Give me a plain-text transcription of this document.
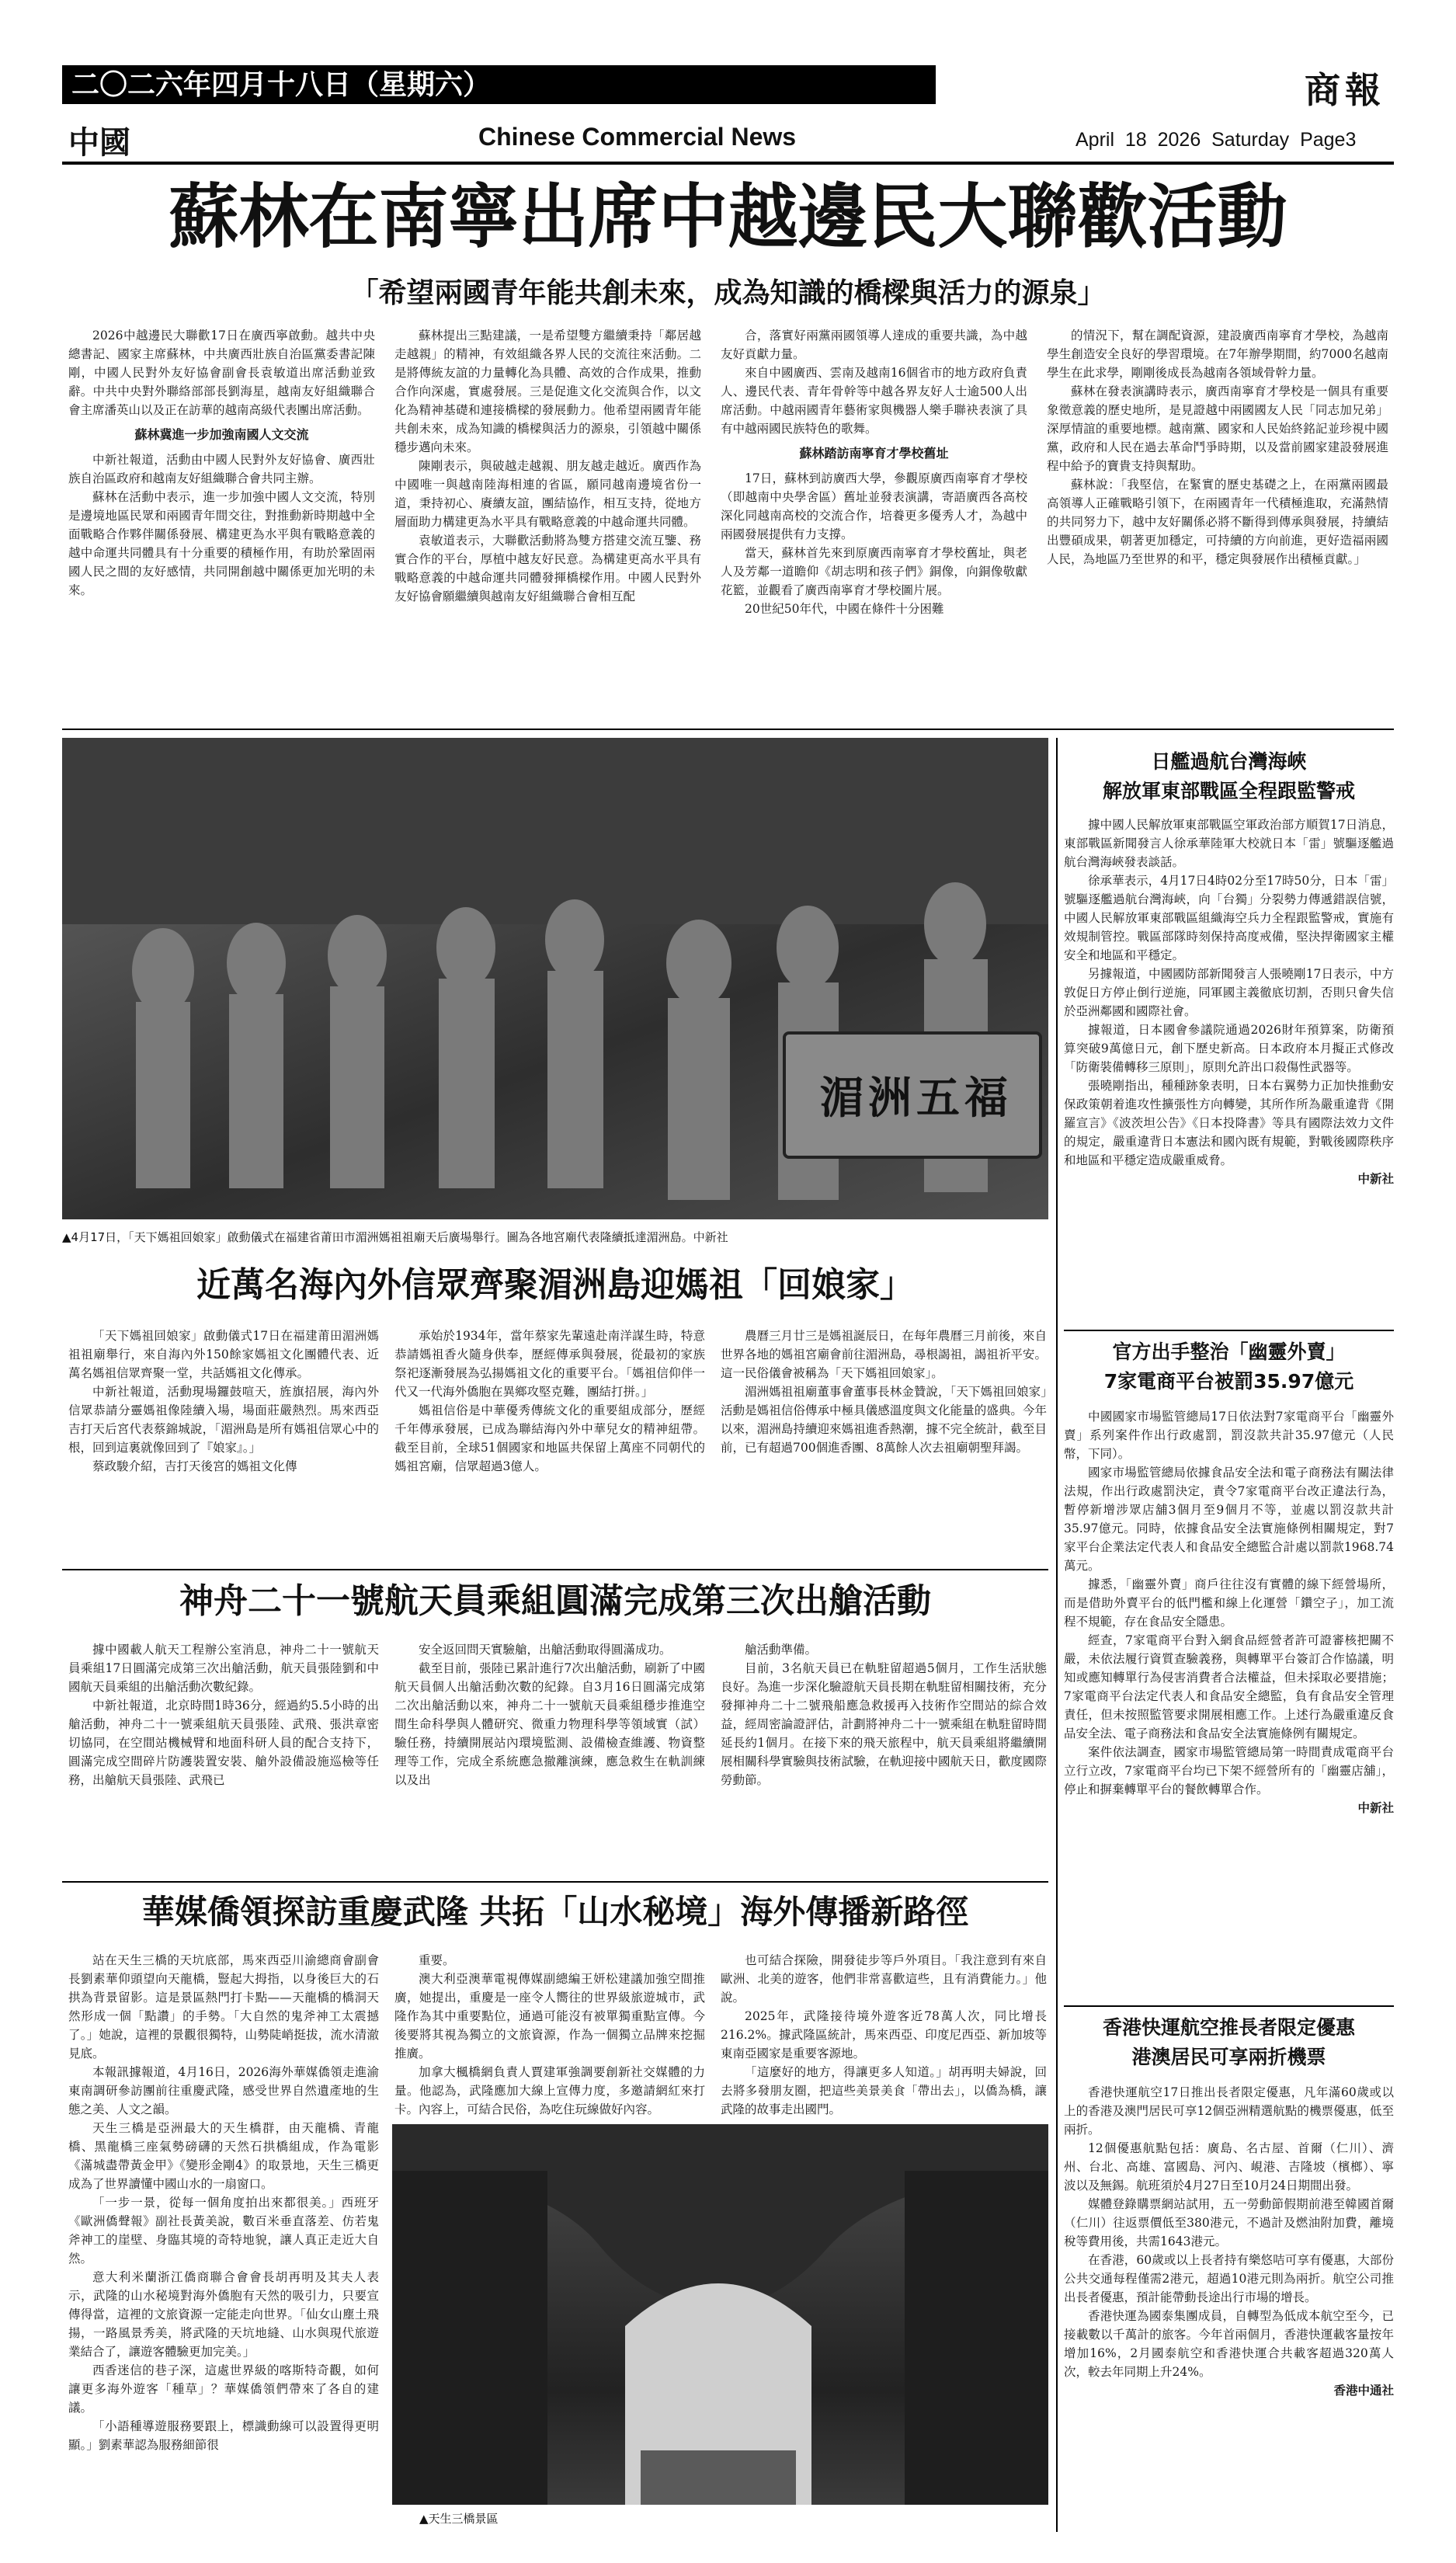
二〇二六年四月十八日（星期六）	商報
中國	Chinese Commercial News	April  18  2026  Saturday  Page3
蘇林在南寧出席中越邊民大聯歡活動
「希望兩國青年能共創未來，成為知識的橋樑與活力的源泉」

2026中越邊民大聯歡17日在廣西寧啟動。越共中央總書記、國家主席蘇林，中共廣西壯族自治區黨委書記陳剛，中國人民對外友好協會副會長袁敏道出席活動並致辭。中共中央對外聯絡部部長劉海星，越南友好組織聯合會主席潘英山以及正在訪華的越南高級代表團出席活動。

蘇林冀進一步加強南國人文交流

中新社報道，活動由中國人民對外友好協會、廣西壯族自治區政府和越南友好組織聯合會共同主辦。

蘇林在活動中表示，進一步加強中國人文交流，特別是邊境地區民眾和兩國青年間交往，對推動新時期越中全面戰略合作夥伴關係發展、構建更為水平與有戰略意義的越中命運共同體具有十分重要的積極作用，有助於鞏固兩國人民之間的友好感情，共同開創越中關係更加光明的未來。

蘇林提出三點建議，一是希望雙方繼續秉持「鄰居越走越親」的精神，有效組織各界人民的交流往來活動。二是將傳統友誼的力量轉化為具體、高效的合作成果，推動合作向深處，實處發展。三是促進文化交流與合作，以文化為精神基礎和連接橋樑的發展動力。他希望兩國青年能共創未來，成為知識的橋樑與活力的源泉，引領越中關係穩步邁向未來。

陳剛表示，與破越走越親、朋友越走越近。廣西作為中國唯一與越南陸海相連的省區，願同越南邊境省份一道，秉持初心、賡續友誼，團結協作，相互支持，從地方層面助力構建更為水平具有戰略意義的中越命運共同體。

袁敏道表示，大聯歡活動將為雙方搭建交流互鑒、務實合作的平台，厚植中越友好民意。為構建更高水平具有戰略意義的中越命運共同體發揮橋樑作用。中國人民對外友好協會願繼續與越南友好組織聯合會相互配

合，落實好兩黨兩國領導人達成的重要共識，為中越友好貢獻力量。

來自中國廣西、雲南及越南16個省市的地方政府負責人、邊民代表、青年骨幹等中越各界友好人士逾500人出席活動。中越兩國青年藝術家與機器人樂手聯袂表演了具有中越兩國民族特色的歌舞。

蘇林踏訪南寧育才學校舊址

17日，蘇林到訪廣西大學，參觀原廣西南寧育才學校（即越南中央學舍區）舊址並發表演講，寄語廣西各高校深化同越南高校的交流合作，培養更多優秀人才，為越中兩國發展提供有力支撐。

當天，蘇林首先來到原廣西南寧育才學校舊址，與老人及芳鄰一道瞻仰《胡志明和孩子們》銅像，向銅像敬獻花籃，並觀看了廣西南寧育才學校圖片展。

20世紀50年代，中國在條件十分困難

的情況下，幫在調配資源，建設廣西南寧育才學校，為越南學生創造安全良好的學習環境。在7年辦學期間，約7000名越南學生在此求學，剛剛後成長為越南各領域骨幹力量。

蘇林在發表演講時表示，廣西南寧育才學校是一個具有重要象徵意義的歷史地所，是見證越中兩國國友人民「同志加兄弟」深厚情誼的重要地標。越南黨、國家和人民始終銘記並珍視中國黨，政府和人民在過去革命鬥爭時期，以及當前國家建設發展進程中給予的寶貴支持與幫助。

蘇林說：「我堅信，在緊實的歷史基礎之上，在兩黨兩國最高領導人正確戰略引領下，在兩國青年一代積極進取，充滿熱情的共同努力下，越中友好關係必將不斷得到傳承與發展，持續結出豐碩成果，朝著更加穩定，可持續的方向前進，更好造福兩國人民，為地區乃至世界的和平，穩定與發展作出積極貢獻。」

湄洲五福
▲4月17日，「天下媽祖回娘家」啟動儀式在福建省莆田市湄洲媽祖祖廟天后廣場舉行。圖為各地宮廟代表隆續抵達湄洲島。中新社
近萬名海內外信眾齊聚湄洲島迎媽祖「回娘家」

「天下媽祖回娘家」啟動儀式17日在福建莆田湄洲媽祖祖廟舉行，來自海內外150餘家媽祖文化團體代表、近萬名媽祖信眾齊聚一堂，共話媽祖文化傳承。

中新社報道，活動現場鑼鼓喧天，旌旗招展，海內外信眾恭請分靈媽祖像陸續入場，場面莊嚴熱烈。馬來西亞吉打天后宮代表蔡錦城說，「湄洲島是所有媽祖信眾心中的根，回到這裏就像回到了『娘家』。」

蔡政駿介紹，吉打天後宮的媽祖文化傳

承始於1934年，當年蔡家先輩遠赴南洋謀生時，特意恭請媽祖香火隨身供奉，歷經傳承與發展，從最初的家族祭祀逐漸發展為弘揚媽祖文化的重要平台。「媽祖信仰伴一代又一代海外僑胞在異鄉攻堅克難，團結打拼。」

媽祖信俗是中華優秀傳統文化的重要組成部分，歷經千年傳承發展，已成為聯結海內外中華兒女的精神紐帶。截至目前，全球51個國家和地區共保留上萬座不同朝代的媽祖宮廟，信眾超過3億人。

農曆三月廿三是媽祖誕辰日，在每年農曆三月前後，來自世界各地的媽祖宮廟會前往湄洲島，尋根謁祖，謁祖祈平安。這一民俗儀會被稱為「天下媽祖回娘家」。

湄洲媽祖祖廟董事會董事長林金贊說，「天下媽祖回娘家」活動是媽祖信俗傳承中極具儀感溫度與文化能量的盛典。今年以來，湄洲島持續迎來媽祖進香熱潮，據不完全統計，截至目前，已有超過700個進香團、8萬餘人次去祖廟朝聖拜謁。

神舟二十一號航天員乘組圓滿完成第三次出艙活動

據中國載人航天工程辦公室消息，神舟二十一號航天員乘組17日圓滿完成第三次出艙活動，航天員張陸劉和中國航天員乘組的出艙活動次數紀錄。

中新社報道，北京時間1時36分，經過約5.5小時的出艙活動，神舟二十一號乘組航天員張陸、武飛、張洪章密切協同，在空間站機械臂和地面科研人員的配合支持下，圓滿完成空間碎片防護裝置安裝、艙外設備設施巡檢等任務，出艙航天員張陸、武飛已

安全返回問天實驗艙，出艙活動取得圓滿成功。

截至目前，張陸已累計進行7次出艙活動，刷新了中國航天員個人出艙活動次數的紀錄。自3月16日圓滿完成第二次出艙活動以來，神舟二十一號航天員乘組穩步推進空間生命科學與人體研究、微重力物理科學等領域實（試）驗任務，持續開展站內環境監測、設備檢查維護、物資整理等工作，完成全系統應急撤離演練，應急救生在軌訓練以及出

艙活動準備。

目前，3名航天員已在軌駐留超過5個月，工作生活狀態良好。為進一步深化驗證航天員長期在軌駐留相關技術，充分發揮神舟二十二號飛船應急救援再入技術作空間站的綜合效益，經周密論證評估，計劃將神舟二十一號乘組在軌駐留時間延長約1個月。在接下來的飛天旅程中，航天員乘組將繼續開展相關科學實驗與技術試驗，在軌迎接中國航天日，歡度國際勞動節。

華媒僑領探訪重慶武隆 共拓「山水秘境」海外傳播新路徑

站在天生三橋的天坑底部，馬來西亞川渝總商會副會長劉素華仰頭望向天龍橋，豎起大拇指，以身後巨大的石拱為背景留影。這是景區熱門打卡點——天龍橋的橋洞天然形成一個「點讚」的手勢。「大自然的鬼斧神工太震撼了。」她說，這裡的景觀很獨特，山勢陡峭挺拔，流水清澈見底。

本報訊據報道，4月16日，2026海外華媒僑領走進渝東南調研參訪團前往重慶武隆，感受世界自然遺產地的生態之美、人文之韻。

天生三橋是亞洲最大的天生橋群，由天龍橋、青龍橋、黑龍橋三座氣勢磅礴的天然石拱橋組成，作為電影《滿城盡帶黃金甲》《變形金剛4》的取景地，天生三橋更成為了世界讀懂中國山水的一扇窗口。

「一步一景，從每一個角度拍出來都很美。」西班牙《歐洲僑聲報》副社長黃美說，數百米垂直落差、仿若鬼斧神工的崖壁、身臨其境的奇特地貌，讓人真正走近大自然。

意大利米蘭浙江僑商聯合會會長胡再明及其夫人表示，武隆的山水秘境對海外僑胞有天然的吸引力，只要宣傳得當，這裡的文旅資源一定能走向世界。「仙女山塵土飛揚，一路風景秀美，將武隆的天坑地縫、山水與現代旅遊業結合了，讓遊客體驗更加完美。」

西香迷信的巷子深，這處世界級的喀斯特奇觀，如何讓更多海外遊客「種草」？華媒僑領們帶來了各自的建議。

「小語種導遊服務要跟上，標識動線可以設置得更明顯。」劉素華認為服務細節很

重要。

澳大利亞澳華電視傳媒副總編王妍松建議加強空間推廣，她提出，重慶是一座令人嚮往的世界級旅遊城市，武隆作為其中重要點位，通過可能沒有被單獨重點宣傳。今後要將其視為獨立的文旅資源，作為一個獨立品牌來挖掘推廣。

加拿大楓橋網負責人賈建軍強調要創新社交媒體的力量。他認為，武隆應加大線上宣傳力度，多邀請網紅來打卡。內容上，可結合民俗，為吃住玩線做好內容。

也可結合探險，開發徒步等戶外項目。「我注意到有來自歐洲、北美的遊客，他們非常喜歡這些，且有消費能力。」他說。

2025年，武隆接待境外遊客近78萬人次，同比增長216.2%。據武隆區統計，馬來西亞、印度尼西亞、新加坡等東南亞國家是重要客源地。

「這麼好的地方，得讓更多人知道。」胡再明夫婦說，回去將多發朋友圈，把這些美景美食「帶出去」，以僑為橋，讓武隆的故事走出國門。

▲天生三橋景區
日艦過航台灣海峽
解放軍東部戰區全程跟監警戒

據中國人民解放軍東部戰區空軍政治部方順賀17日消息，東部戰區新聞發言人徐承華陸軍大校就日本「雷」號驅逐艦過航台灣海峽發表談話。

徐承華表示，4月17日4時02分至17時50分，日本「雷」號驅逐艦過航台灣海峽，向「台獨」分裂勢力傳遞錯誤信號，中國人民解放軍東部戰區組織海空兵力全程跟監警戒，實施有效規制管控。戰區部隊時刻保持高度戒備，堅決捍衛國家主權安全和地區和平穩定。

另據報道，中國國防部新聞發言人張曉剛17日表示，中方敦促日方停止倒行逆施，同軍國主義徹底切割，否則只會失信於亞洲鄰國和國際社會。

據報道，日本國會參議院通過2026財年預算案，防衛預算突破9萬億日元，創下歷史新高。日本政府本月擬正式修改「防衛裝備轉移三原則」，原則允許出口殺傷性武器等。

張曉剛指出，種種跡象表明，日本右翼勢力正加快推動安保政策朝着進攻性擴張性方向轉變，其所作所為嚴重違背《開羅宣言》《波茨坦公告》《日本投降書》等具有國際法效力文件的規定，嚴重違背日本憲法和國內既有規範，對戰後國際秩序和地區和平穩定造成嚴重威脅。

中新社

官方出手整治「幽靈外賣」
7家電商平台被罰35.97億元

中國國家市場監管總局17日依法對7家電商平台「幽靈外賣」系列案件作出行政處罰，罰沒款共計35.97億元（人民幣，下同）。

國家市場監管總局依據食品安全法和電子商務法有關法律法規，作出行政處罰決定，責令7家電商平台改正違法行為，暫停新增涉眾店舖3個月至9個月不等，並處以罰沒款共計35.97億元。同時，依據食品安全法實施條例相關規定，對7家平台企業法定代表人和食品安全總監合計處以罰款1968.74萬元。

據悉，「幽靈外賣」商戶往往沒有實體的線下經營場所，而是借助外賣平台的低門檻和線上化運營「鑽空子」，加工流程不規範，存在食品安全隱患。

經查，7家電商平台對入網食品經營者許可證審核把關不嚴，未依法履行資質查驗義務，與轉單平台簽訂合作協議，明知或應知轉單行為侵害消費者合法權益，但未採取必要措施；7家電商平台法定代表人和食品安全總監，負有食品安全管理責任，但未按照監管要求開展相應工作。上述行為嚴重違反食品安全法、電子商務法和食品安全法實施條例有關規定。

案件依法調查，國家市場監管總局第一時間責成電商平台立行立改，7家電商平台均已下架不經營所有的「幽靈店舖」，停止和摒棄轉單平台的餐飲轉單合作。

中新社

香港快運航空推長者限定優惠
港澳居民可享兩折機票

香港快運航空17日推出長者限定優惠，凡年滿60歲或以上的香港及澳門居民可享12個亞洲精選航點的機票優惠，低至兩折。

12個優惠航點包括：廣島、名古屋、首爾（仁川）、濟州、台北、高雄、富國島、河內、峴港、吉隆坡（檳榔）、寧波以及無錫。航班須於4月27日至10月24日期間出發。

媒體登錄購票網站試用，五一勞動節假期前港至韓國首爾（仁川）往返票價低至380港元，不過計及燃油附加費，離境稅等費用後，共需1643港元。

在香港，60歲或以上長者持有樂悠咭可享有優惠，大部份公共交通每程僅需2港元，超過10港元則為兩折。航空公司推出長者優惠，預計能帶動長途出行市場的增長。

香港快運為國泰集團成員，自轉型為低成本航空至今，已接載數以千萬計的旅客。今年首兩個月，香港快運載客量按年增加16%，2月國泰航空和香港快運合共載客超過320萬人次，較去年同期上升24%。

香港中通社
